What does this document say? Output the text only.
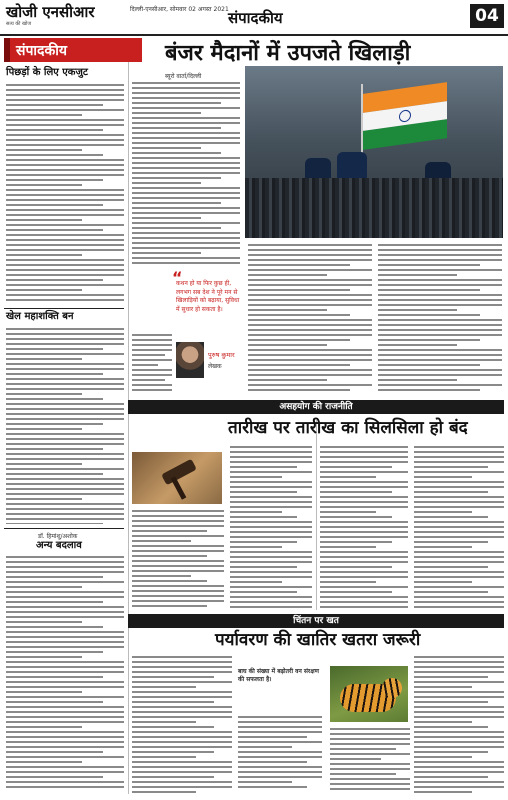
खोजी एनसीआर
सत्य की खोज
दिल्ली-एनसीआर, सोमवार 02 अगस्त 2021 संपादकीय	04
संपादकीय
पिछड़ों के लिए एकजुट
खेल महाशक्ति बन
डॉ. हिमांशु/अशोक
अन्य बदलाव
बंजर मैदानों में उपजते खिलाड़ी
ब्यूरो वार्ता/दिल्ली
“
कथन हो या फिर कुछ ही, लगभग सब देश ने पूरे मन से खिलाड़ियों को बढ़ाया, सुविधा में सुधार हो सकता है।
असहयोग की राजनीति
तारीख पर तारीख का सिलसिला हो बंद
चिंतन पर खत
पर्यावरण की खातिर खतरा जरूरी
बाघ की संख्या में बढ़ोतरी वन संरक्षण की सफलता है।
पुरुष कुमार
लेखक
